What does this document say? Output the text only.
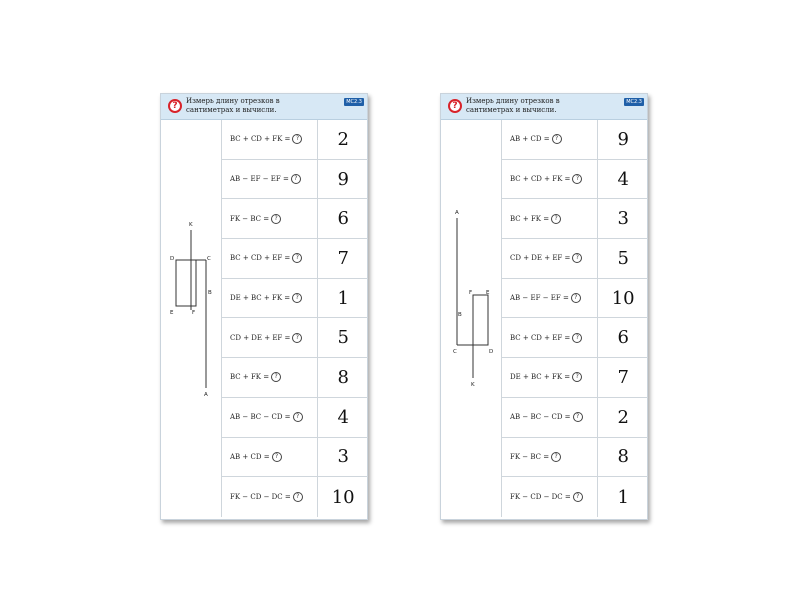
?	Измерь длину отрезков в
сантиметрах и вычисли.
МС2.3
K
D	C
B
E	F
A
BC + CD + FK = ?	2
AB − EF − EF = ?	9
FK − BC = ?	6
BC + CD + EF = ?	7
DE + BC + FK = ?	1
CD + DE + EF = ?	5
BC + FK = ?	8
AB − BC − CD = ?	4
AB + CD = ?	3
FK − CD − DC = ?	10
?	Измерь длину отрезков в
сантиметрах и вычисли.
МС2.3
A
F	E
B
C	D
K
AB + CD = ?	9
BC + CD + FK = ?	4
BC + FK = ?	3
CD + DE + EF = ?	5
AB − EF − EF = ?	10
BC + CD + EF = ?	6
DE + BC + FK = ?	7
AB − BC − CD = ?	2
FK − BC = ?	8
FK − CD − DC = ?	1
